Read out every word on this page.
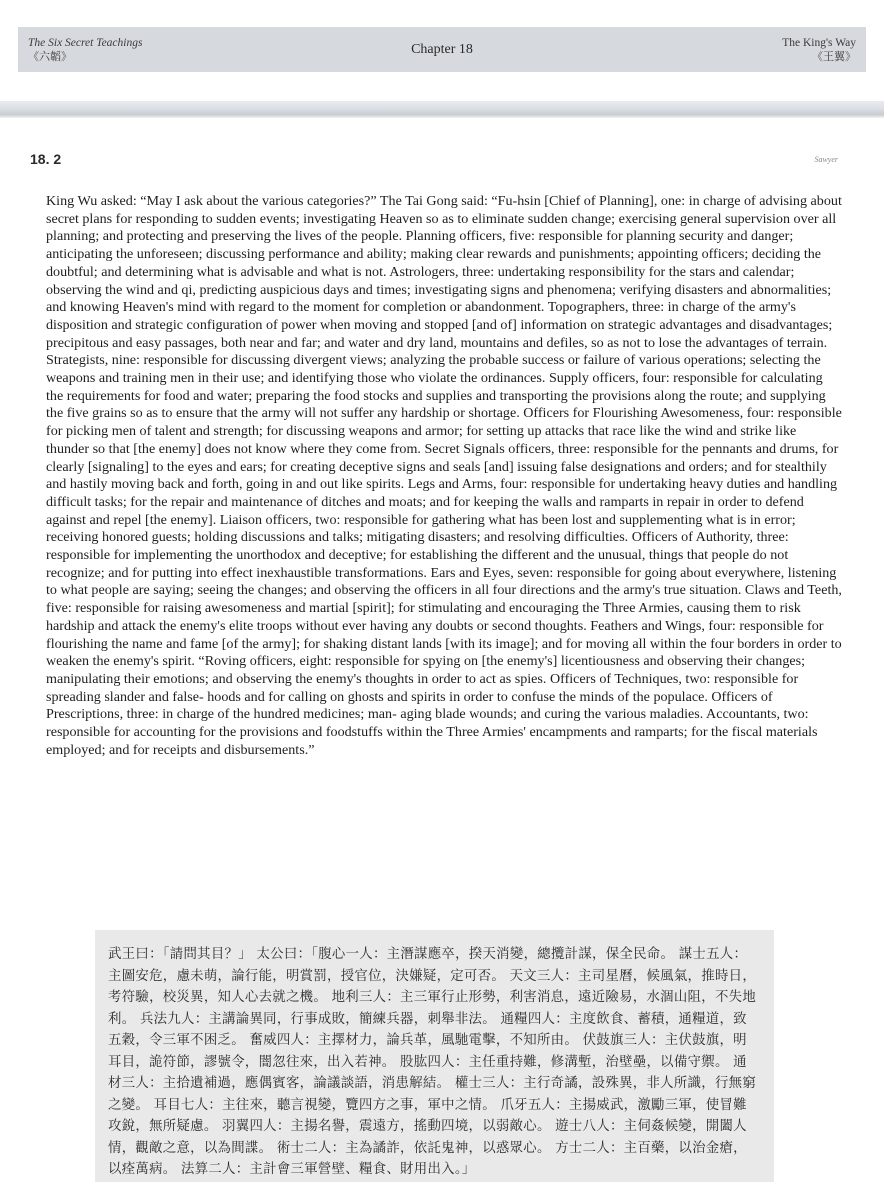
The Six Secret Teachings
《六韜》	Chapter 18	The King's Way
《王翼》
18. 2	Sawyer

King Wu asked: “May I ask about the various categories?” The Tai Gong said: “Fu-hsin [Chief of Planning], one: in charge of advising about secret plans for responding to sudden events; investigating Heaven so as to eliminate sudden change; exercising general supervision over all planning; and protecting and preserving the lives of the people. Planning officers, five: responsible for planning security and danger; anticipating the unforeseen; discussing performance and ability; making clear rewards and punishments; appointing officers; deciding the doubtful; and determining what is advisable and what is not. Astrologers, three: undertaking responsibility for the stars and calendar; observing the wind and qi, predicting auspicious days and times; investigating signs and phenomena; verifying disasters and abnormalities; and knowing Heaven's mind with regard to the moment for completion or abandonment. Topographers, three: in charge of the army's disposition and strategic configuration of power when moving and stopped [and of] information on strategic advantages and disadvantages; precipitous and easy passages, both near and far; and water and dry land, mountains and defiles, so as not to lose the advantages of terrain. Strategists, nine: responsible for discussing divergent views; analyzing the probable success or failure of various operations; selecting the weapons and training men in their use; and identifying those who violate the ordinances. Supply officers, four: responsible for calculating the requirements for food and water; preparing the food stocks and supplies and transporting the provisions along the route; and supplying the five grains so as to ensure that the army will not suffer any hardship or shortage. Officers for Flourishing Awesomeness, four: responsible for picking men of talent and strength; for discussing weapons and armor; for setting up attacks that race like the wind and strike like thunder so that [the enemy] does not know where they come from. Secret Signals officers, three: responsible for the pennants and drums, for clearly [signaling] to the eyes and ears; for creating deceptive signs and seals [and] issuing false designations and orders; and for stealthily and hastily moving back and forth, going in and out like spirits. Legs and Arms, four: responsible for undertaking heavy duties and handling difficult tasks; for the repair and maintenance of ditches and moats; and for keeping the walls and ramparts in repair in order to defend against and repel [the enemy]. Liaison officers, two: responsible for gathering what has been lost and supplementing what is in error; receiving honored guests; holding discussions and talks; mitigating disasters; and resolving difficulties. Officers of Authority, three: responsible for implementing the unorthodox and deceptive; for establishing the different and the unusual, things that people do not recognize; and for putting into effect inexhaustible transformations. Ears and Eyes, seven: responsible for going about everywhere, listening to what people are saying; seeing the changes; and observing the officers in all four directions and the army's true situation. Claws and Teeth, five: responsible for raising awesomeness and martial [spirit]; for stimulating and encouraging the Three Armies, causing them to risk hardship and attack the enemy's elite troops without ever having any doubts or second thoughts. Feathers and Wings, four: responsible for flourishing the name and fame [of the army]; for shaking distant lands [with its image]; and for moving all within the four borders in order to weaken the enemy's spirit. “Roving officers, eight: responsible for spying on [the enemy's] licentiousness and observing their changes; manipulating their emotions; and observing the enemy's thoughts in order to act as spies. Officers of Techniques, two: responsible for spreading slander and false- hoods and for calling on ghosts and spirits in order to confuse the minds of the populace. Officers of Prescriptions, three: in charge of the hundred medicines; man- aging blade wounds; and curing the various maladies. Accountants, two: responsible for accounting for the provisions and foodstuffs within the Three Armies' encampments and ramparts; for the fiscal materials employed; and for receipts and disbursements.”

武王曰：「請問其目？」 太公曰：「腹心一人：主潛謀應卒，揆天消變，總攬計謀，保全民命。 謀士五人：主圖安危，慮未萌，論行能，明賞罰，授官位，決嫌疑，定可否。 天文三人：主司星曆，候風氣，推時日，考符驗，校災異，知人心去就之機。 地利三人：主三軍行止形勢，利害消息，遠近險易，水涸山阻，不失地利。 兵法九人：主講論異同，行事成敗，簡練兵器，刺舉非法。 通糧四人：主度飲食、蓄積，通糧道，致五穀，令三軍不困乏。 奮威四人：主擇材力，論兵革，風馳電擊，不知所由。 伏鼓旗三人：主伏鼓旗，明耳目，詭符節，謬號令，闇忽往來，出入若神。 股肱四人：主任重持難，修溝塹，治壁壘，以備守禦。 通材三人：主拾遺補過，應偶賓客，論議談語，消患解結。 權士三人：主行奇譎，設殊異，非人所識，行無窮之變。 耳目七人：主往來，聽言視變，覽四方之事，軍中之情。 爪牙五人：主揚威武，激勵三軍，使冒難攻銳，無所疑慮。 羽翼四人：主揚名譽，震遠方，搖動四境，以弱敵心。 遊士八人：主伺姦候變，開闔人情，觀敵之意，以為間諜。 術士二人：主為譎詐，依託鬼神，以惑眾心。 方士二人：主百藥，以治金瘡，以痊萬病。 法算二人：主計會三軍營壁、糧食、財用出入。」
